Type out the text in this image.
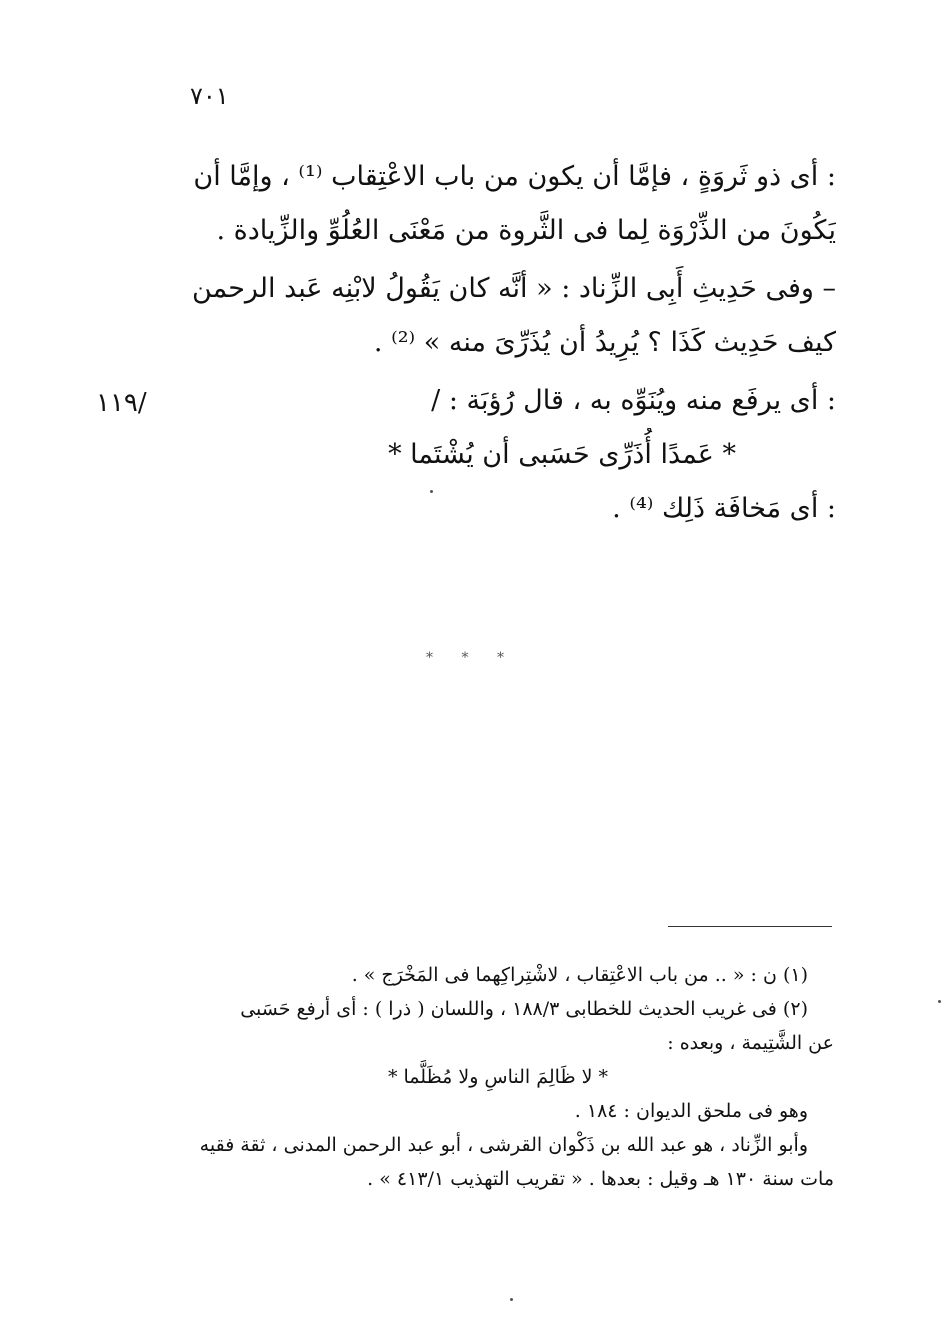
٧٠١
: أى ذو ثَروَةٍ ، فإمَّا أن يكون من باب الاعْتِقاب ⁽¹⁾ ، وإمَّا أن
يَكُونَ من الذِّرْوَة لِما فى الثَّروة من مَعْنَى العُلُوِّ والزِّيادة .
– وفى حَدِيثِ أَبِى الزِّناد : « أنَّه كان يَقُولُ لابْنِه عَبد الرحمن
كيف حَدِيث كَذَا ؟ يُرِيدُ أن يُذَرِّىَ منه » ⁽²⁾ .
: أى يرفَع منه ويُنَوِّه به ، قال رُؤبَة : /
* عَمدًا أُذَرِّى حَسَبى أن يُشْتَما *
: أى مَخافَة ذَلِك ⁽⁴⁾ .
/١١٩
* * *
(١) ن : « .. من باب الاعْتِقاب ، لاشْتِراكِهما فى المَخْرَج » .
(٢) فى غريب الحديث للخطابى ١٨٨/٣ ، واللسان ( ذرا ) : أى أرفع حَسَبى
عن الشَّتِيمة ، وبعده :
* لا ظَالِمَ الناسِ ولا مُظَلَّما *
وهو فى ملحق الديوان : ١٨٤ .
وأبو الزِّناد ، هو عبد الله بن ذَكْوان القرشى ، أبو عبد الرحمن المدنى ، ثقة فقيه
مات سنة ١٣٠ هـ وقيل : بعدها . « تقريب التهذيب ٤١٣/١ » .
